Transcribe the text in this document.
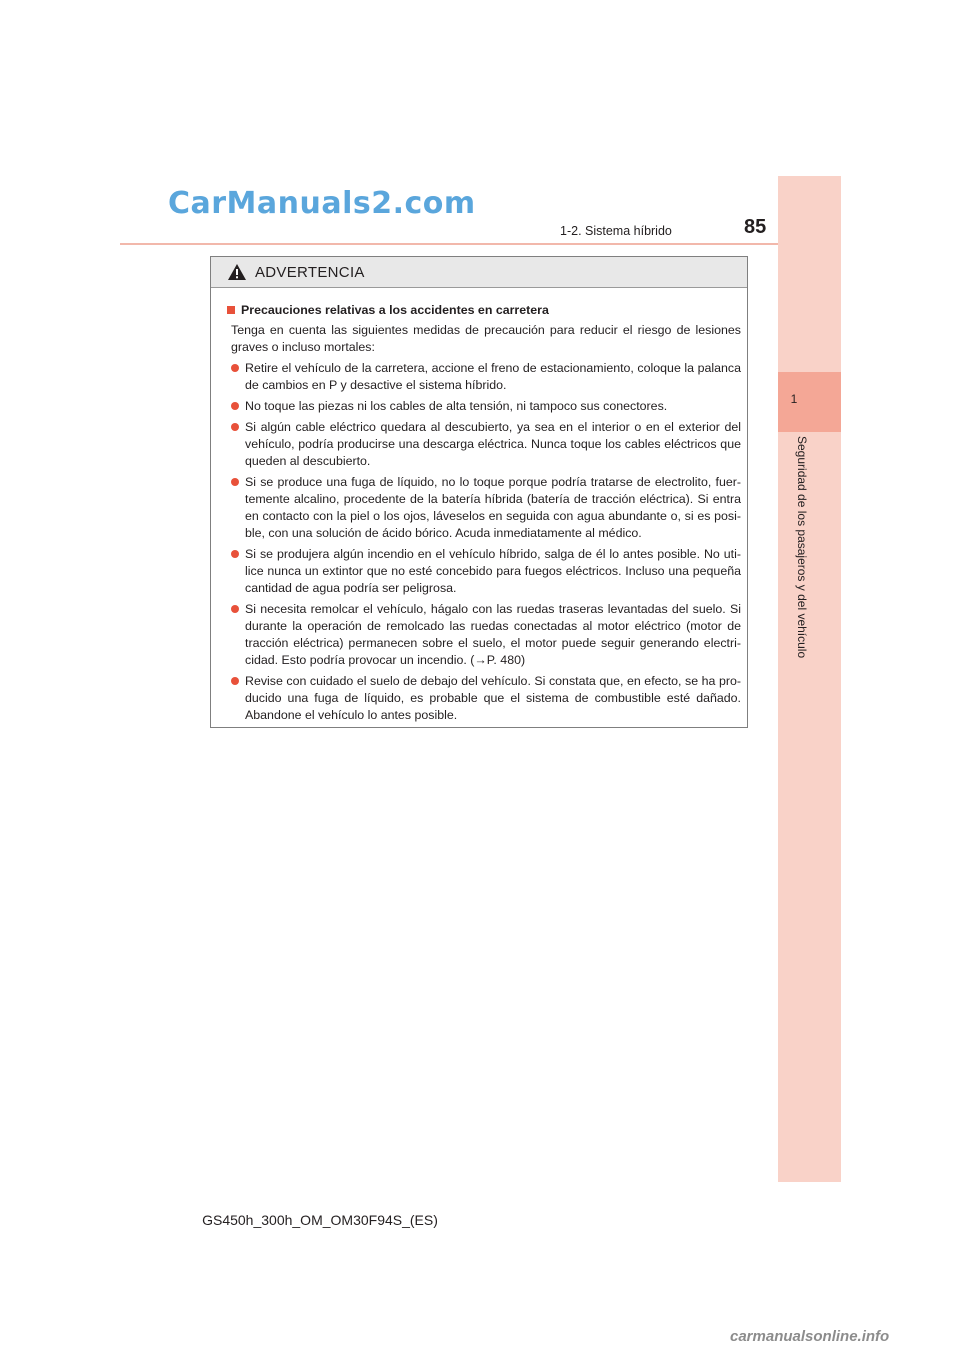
CarManuals2.com
85
1-2. Sistema híbrido
1
Seguridad de los pasajeros y del vehículo
ADVERTENCIA
Precauciones relativas a los accidentes en carretera
Tenga en cuenta las siguientes medidas de precaución para reducir el riesgo de lesiones graves o incluso mortales:
Retire el vehículo de la carretera, accione el freno de estacionamiento, coloque la palanca de cambios en P y desactive el sistema híbrido.
No toque las piezas ni los cables de alta tensión, ni tampoco sus conectores.
Si algún cable eléctrico quedara al descubierto, ya sea en el interior o en el exterior del vehículo, podría producirse una descarga eléctrica. Nunca toque los cables eléctricos que queden al descubierto.
Si se produce una fuga de líquido, no lo toque porque podría tratarse de electrolito, fuer-temente alcalino, procedente de la batería híbrida (batería de tracción eléctrica). Si entra en contacto con la piel o los ojos, láveselos en seguida con agua abundante o, si es posi-ble, con una solución de ácido bórico. Acuda inmediatamente al médico.
Si se produjera algún incendio en el vehículo híbrido, salga de él lo antes posible. No uti-lice nunca un extintor que no esté concebido para fuegos eléctricos. Incluso una pequeña cantidad de agua podría ser peligrosa.
Si necesita remolcar el vehículo, hágalo con las ruedas traseras levantadas del suelo. Si durante la operación de remolcado las ruedas conectadas al motor eléctrico (motor de tracción eléctrica) permanecen sobre el suelo, el motor puede seguir generando electri-cidad. Esto podría provocar un incendio. (→P. 480)
Revise con cuidado el suelo de debajo del vehículo. Si constata que, en efecto, se ha pro-ducido una fuga de líquido, es probable que el sistema de combustible esté dañado. Abandone el vehículo lo antes posible.
GS450h_300h_OM_OM30F94S_(ES)
carmanualsonline.info
